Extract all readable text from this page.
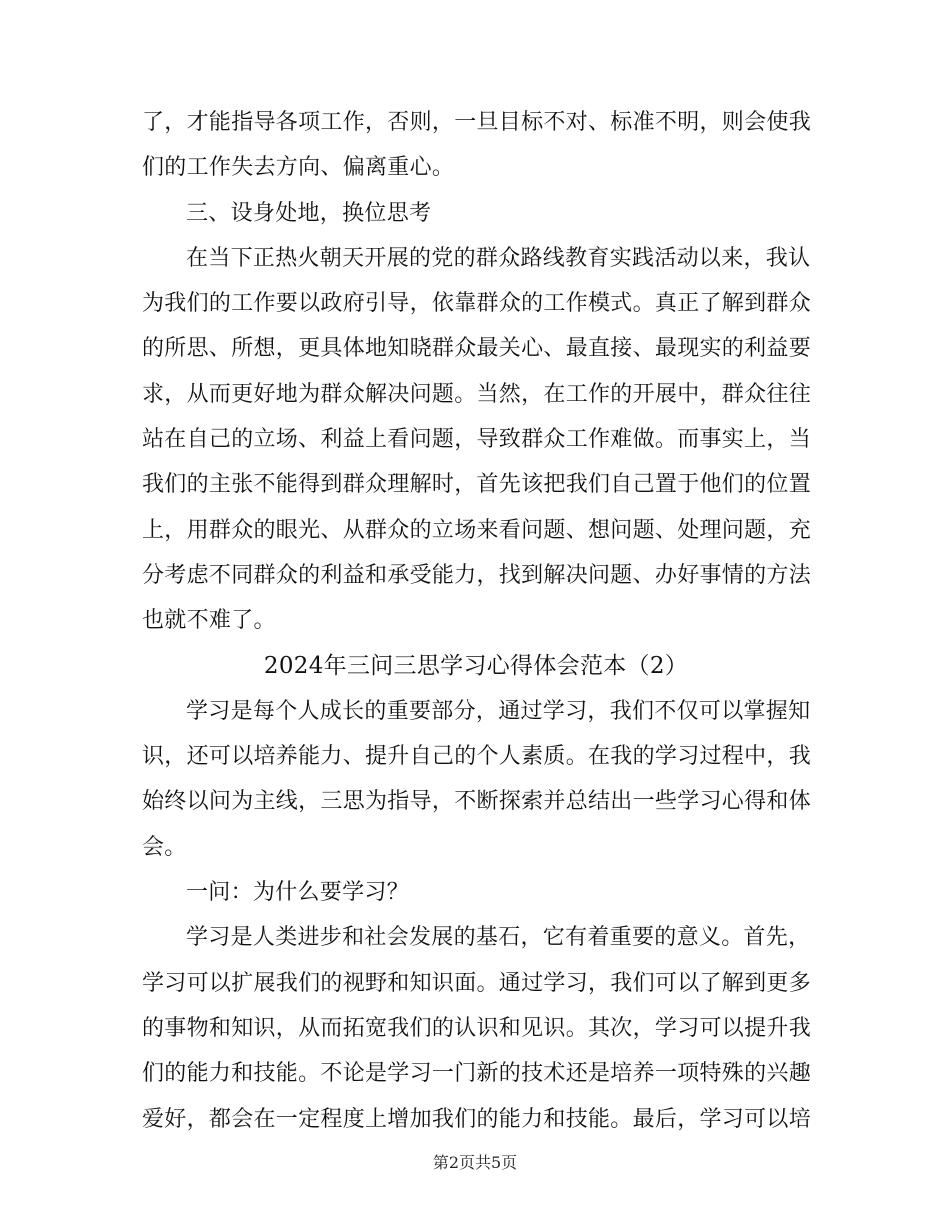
了，才能指导各项工作，否则，一旦目标不对、标准不明，则会使我
们的工作失去方向、偏离重心。
三、设身处地，换位思考
在当下正热火朝天开展的党的群众路线教育实践活动以来，我认
为我们的工作要以政府引导，依靠群众的工作模式。真正了解到群众
的所思、所想，更具体地知晓群众最关心、最直接、最现实的利益要
求，从而更好地为群众解决问题。当然，在工作的开展中，群众往往
站在自己的立场、利益上看问题，导致群众工作难做。而事实上，当
我们的主张不能得到群众理解时，首先该把我们自己置于他们的位置
上，用群众的眼光、从群众的立场来看问题、想问题、处理问题，充
分考虑不同群众的利益和承受能力，找到解决问题、办好事情的方法
也就不难了。
2024年三问三思学习心得体会范本（2）
学习是每个人成长的重要部分，通过学习，我们不仅可以掌握知
识，还可以培养能力、提升自己的个人素质。在我的学习过程中，我
始终以问为主线，三思为指导，不断探索并总结出一些学习心得和体
会。
一问：为什么要学习？
学习是人类进步和社会发展的基石，它有着重要的意义。首先，
学习可以扩展我们的视野和知识面。通过学习，我们可以了解到更多
的事物和知识，从而拓宽我们的认识和见识。其次，学习可以提升我
们的能力和技能。不论是学习一门新的技术还是培养一项特殊的兴趣
爱好，都会在一定程度上增加我们的能力和技能。最后，学习可以培
第2页共5页
